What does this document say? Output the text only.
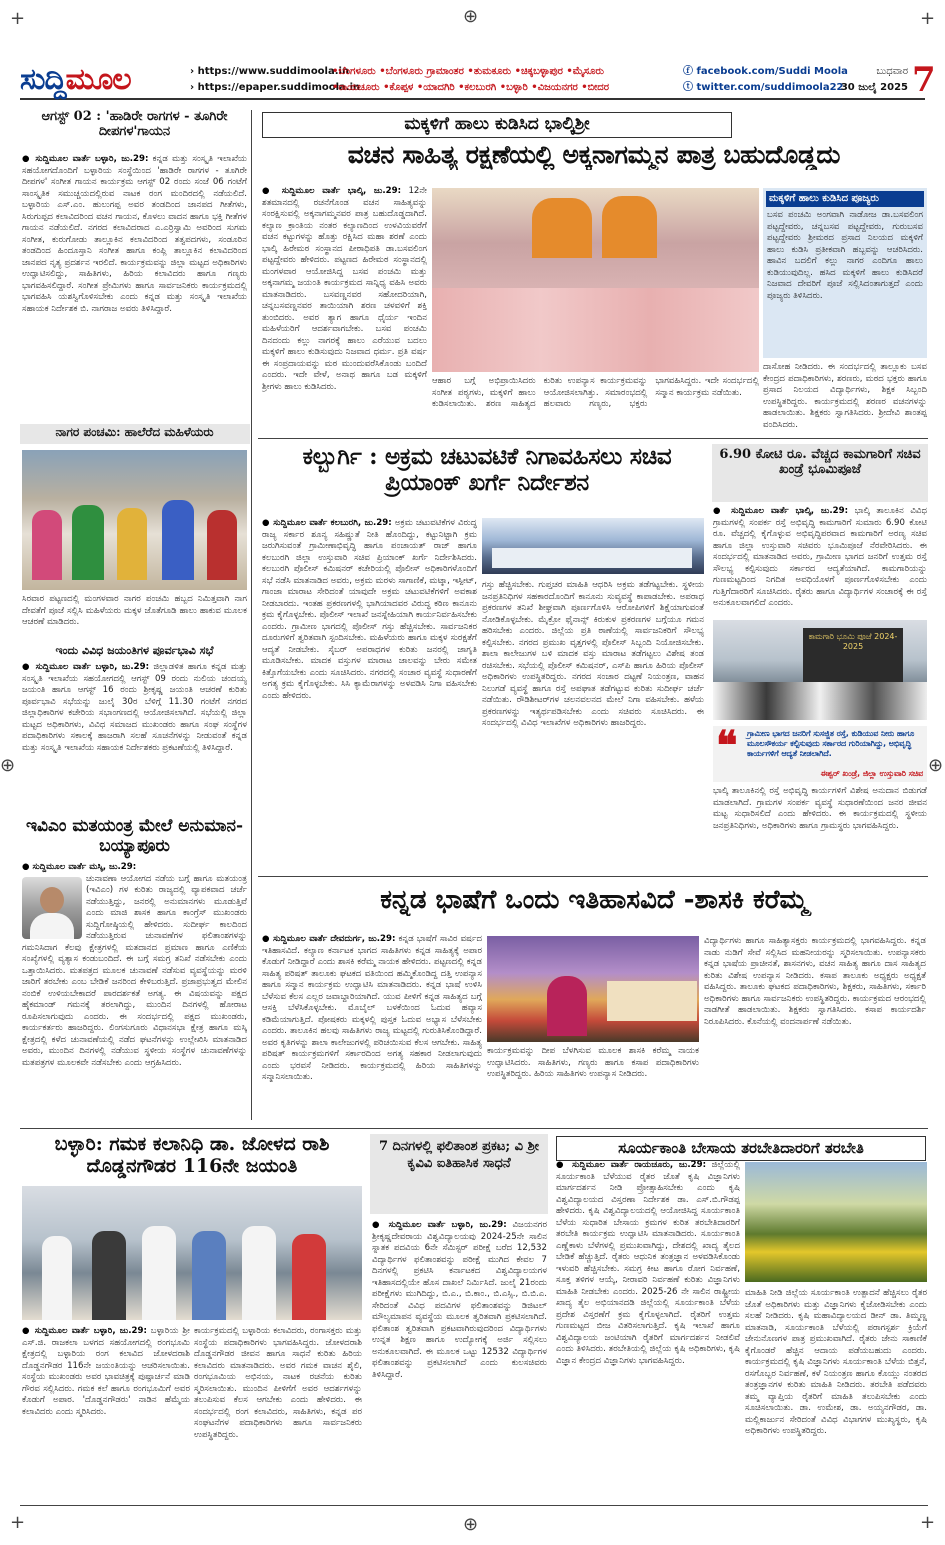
+	⊕	+
⊕	⊕
+	⊕	+
ಸುದ್ದಿಮೂಲ	› https://www.suddimoola.in
› https://epaper.suddimoola.in
•ಬೆಂಗಳೂರು •ಬೆಂಗಳೂರು ಗ್ರಾಮಾಂತರ •ತುಮಕೂರು •ಚಿಕ್ಕಬಳ್ಳಾಪುರ •ಮೈಸೂರು
•ರಾಯಚೂರು •ಕೊಪ್ಪಳ •ಯಾದಗಿರಿ •ಕಲಬುರಗಿ •ಬಳ್ಳಾರಿ •ವಿಜಯನಗರ •ಬೀದರ
ⓕ facebook.com/Suddi Moola
ⓣ twitter.com/suddimoola22
ಬುಧವಾರ
30 ಜುಲೈ 2025 7
ಆಗಸ್ಟ್ 02 : 'ಹಾಡಿರೇ ರಾಗಗಳ - ತೂಗಿರೇ ದೀಪಗಳ'ಗಾಯನ
● ಸುದ್ದಿಮೂಲ ವಾರ್ತೆ ಬಳ್ಳಾರಿ, ಜು.29: ಕನ್ನಡ ಮತ್ತು ಸಂಸ್ಕೃತಿ ಇಲಾಖೆಯ ಸಹಯೋಗದೊಂದಿಗೆ ಬಳ್ಳಾರಿಯ ಸಂಸ್ಥೆಯಿಂದ 'ಹಾಡಿರೇ ರಾಗಗಳ - ತೂಗಿರೇ ದೀಪಗಳ' ಸಂಗೀತ ಗಾಯನ ಕಾರ್ಯಕ್ರಮ ಆಗಸ್ಟ್ 02 ರಂದು ಸಂಜೆ 06 ಗಂಟೆಗೆ ಸಾಂಸ್ಕೃತಿಕ ಸಮುಚ್ಚಯದಲ್ಲಿರುವ ನಾಟಕ ರಂಗ ಮಂದಿರದಲ್ಲಿ ನಡೆಯಲಿದೆ. ಬಳ್ಳಾರಿಯ ಎಸ್.ಎಂ. ಹುಲುಗಪ್ಪ ಅವರ ತಂಡದಿಂದ ಜಾನಪದ ಗೀತೆಗಳು, ಸಿರುಗುಪ್ಪದ ಕಲಾವಿದರಿಂದ ವಚನ ಗಾಯನ, ಕೊಳಲು ವಾದನ ಹಾಗೂ ಭಕ್ತಿ ಗೀತೆಗಳ ಗಾಯನ ನಡೆಯಲಿದೆ. ನಗರದ ಕಲಾವಿದರಾದ ಎ.ಎರ್ರಿಸ್ವಾಮಿ ಅವರಿಂದ ಸುಗಮ ಸಂಗೀತ, ಕುರುಗೋಡು ತಾಲ್ಲೂಕಿನ ಕಲಾವಿದರಿಂದ ತತ್ವಪದಗಳು, ಸಂಡೂರಿನ ತಂಡದಿಂದ ಹಿಂದೂಸ್ತಾನಿ ಸಂಗೀತ ಹಾಗೂ ಕಂಪ್ಲಿ ತಾಲ್ಲೂಕಿನ ಕಲಾವಿದರಿಂದ ಜಾನಪದ ನೃತ್ಯ ಪ್ರದರ್ಶನ ಇರಲಿದೆ. ಕಾರ್ಯಕ್ರಮವನ್ನು ಜಿಲ್ಲಾ ಮಟ್ಟದ ಅಧಿಕಾರಿಗಳು ಉದ್ಘಾಟಿಸಲಿದ್ದು, ಸಾಹಿತಿಗಳು, ಹಿರಿಯ ಕಲಾವಿದರು ಹಾಗೂ ಗಣ್ಯರು ಭಾಗವಹಿಸಲಿದ್ದಾರೆ. ಸಂಗೀತ ಪ್ರೇಮಿಗಳು ಹಾಗೂ ಸಾರ್ವಜನಿಕರು ಕಾರ್ಯಕ್ರಮದಲ್ಲಿ ಭಾಗವಹಿಸಿ ಯಶಸ್ವಿಗೊಳಿಸಬೇಕು ಎಂದು ಕನ್ನಡ ಮತ್ತು ಸಂಸ್ಕೃತಿ ಇಲಾಖೆಯ ಸಹಾಯಕ ನಿರ್ದೇಶಕ ಬಿ. ನಾಗರಾಜ ಅವರು ತಿಳಿಸಿದ್ದಾರೆ.
ನಾಗರ ಪಂಚಮಿ: ಹಾಲೆರೆದ ಮಹಿಳೆಯರು
ಸಿರವಾರ ಪಟ್ಟಣದಲ್ಲಿ ಮಂಗಳವಾರ ನಾಗರ ಪಂಚಮಿ ಹಬ್ಬದ ನಿಮಿತ್ತವಾಗಿ ನಾಗ ದೇವತೆಗೆ ಪೂಜೆ ಸಲ್ಲಿಸಿ ಮಹಿಳೆಯರು ಮಕ್ಕಳ ಜೊತೆಗೂಡಿ ಹಾಲು ಹಾಕುವ ಮೂಲಕ ಆಚರಣೆ ಮಾಡಿದರು.
ಇಂದು ವಿವಿಧ ಜಯಂತಿಗಳ ಪೂರ್ವಭಾವಿ ಸಭೆ
● ಸುದ್ದಿಮೂಲ ವಾರ್ತೆ ಬಳ್ಳಾರಿ, ಜು.29: ಜಿಲ್ಲಾಡಳಿತ ಹಾಗೂ ಕನ್ನಡ ಮತ್ತು ಸಂಸ್ಕೃತಿ ಇಲಾಖೆಯ ಸಹಯೋಗದಲ್ಲಿ ಆಗಸ್ಟ್ 09 ರಂದು ನುಲಿಯ ಚಂದಯ್ಯ ಜಯಂತಿ ಹಾಗೂ ಆಗಸ್ಟ್ 16 ರಂದು ಶ್ರೀಕೃಷ್ಣ ಜಯಂತಿ ಆಚರಣೆ ಕುರಿತು ಪೂರ್ವಭಾವಿ ಸಭೆಯನ್ನು ಜುಲೈ 30ರ ಬೆಳಿಗ್ಗೆ 11.30 ಗಂಟೆಗೆ ನಗರದ ಜಿಲ್ಲಾಧಿಕಾರಿಗಳ ಕಚೇರಿಯ ಸಭಾಂಗಣದಲ್ಲಿ ಆಯೋಜಿಸಲಾಗಿದೆ. ಸಭೆಯಲ್ಲಿ ಜಿಲ್ಲಾ ಮಟ್ಟದ ಅಧಿಕಾರಿಗಳು, ವಿವಿಧ ಸಮಾಜದ ಮುಖಂಡರು ಹಾಗೂ ಸಂಘ ಸಂಸ್ಥೆಗಳ ಪದಾಧಿಕಾರಿಗಳು ಸಕಾಲಕ್ಕೆ ಹಾಜರಾಗಿ ಸಲಹೆ ಸೂಚನೆಗಳನ್ನು ನೀಡುವಂತೆ ಕನ್ನಡ ಮತ್ತು ಸಂಸ್ಕೃತಿ ಇಲಾಖೆಯ ಸಹಾಯಕ ನಿರ್ದೇಶಕರು ಪ್ರಕಟಣೆಯಲ್ಲಿ ತಿಳಿಸಿದ್ದಾರೆ.
ಇವಿಎಂ ಮತಯಂತ್ರ ಮೇಲೆ ಅನುಮಾನ- ಬಯ್ಯಾಪೂರು
● ಸುದ್ದಿಮೂಲ ವಾರ್ತೆ ಮಸ್ಕಿ, ಜು.29:

ಚುನಾವಣಾ ಆಯೋಗದ ನಡೆಯ ಬಗ್ಗೆ ಹಾಗೂ ಮತಯಂತ್ರ (ಇವಿಎಂ) ಗಳ ಕುರಿತು ರಾಜ್ಯದಲ್ಲಿ ವ್ಯಾಪಕವಾದ ಚರ್ಚೆ ನಡೆಯುತ್ತಿದ್ದು, ಜನರಲ್ಲಿ ಅನುಮಾನಗಳು ಮೂಡುತ್ತಿವೆ ಎಂದು ಮಾಜಿ ಶಾಸಕ ಹಾಗೂ ಕಾಂಗ್ರೆಸ್ ಮುಖಂಡರು ಸುದ್ದಿಗೋಷ್ಠಿಯಲ್ಲಿ ಹೇಳಿದರು. ಸುದೀರ್ಘ ಕಾಲದಿಂದ ನಡೆಯುತ್ತಿರುವ ಚುನಾವಣೆಗಳ ಫಲಿತಾಂಶಗಳನ್ನು ಗಮನಿಸಿದಾಗ ಕೆಲವು ಕ್ಷೇತ್ರಗಳಲ್ಲಿ ಮತದಾನದ ಪ್ರಮಾಣ ಹಾಗೂ ಎಣಿಕೆಯ ಸಂಖ್ಯೆಗಳಲ್ಲಿ ವ್ಯತ್ಯಾಸ ಕಂಡುಬಂದಿದೆ. ಈ ಬಗ್ಗೆ ಸಮಗ್ರ ತನಿಖೆ ನಡೆಸಬೇಕು ಎಂದು ಒತ್ತಾಯಿಸಿದರು. ಮತಪತ್ರದ ಮೂಲಕ ಚುನಾವಣೆ ನಡೆಸುವ ವ್ಯವಸ್ಥೆಯನ್ನು ಮರಳಿ ಜಾರಿಗೆ ತರಬೇಕು ಎಂಬ ಬೇಡಿಕೆ ಜನರಿಂದ ಕೇಳಿಬರುತ್ತಿದೆ. ಪ್ರಜಾಪ್ರಭುತ್ವದ ಮೇಲಿನ ನಂಬಿಕೆ ಉಳಿಯಬೇಕಾದರೆ ಪಾರದರ್ಶಕತೆ ಅಗತ್ಯ. ಈ ವಿಷಯವನ್ನು ಪಕ್ಷದ ಹೈಕಮಾಂಡ್ ಗಮನಕ್ಕೆ ತರಲಾಗಿದ್ದು, ಮುಂದಿನ ದಿನಗಳಲ್ಲಿ ಹೋರಾಟ ರೂಪಿಸಲಾಗುವುದು ಎಂದರು. ಈ ಸಂದರ್ಭದಲ್ಲಿ ಪಕ್ಷದ ಮುಖಂಡರು, ಕಾರ್ಯಕರ್ತರು ಹಾಜರಿದ್ದರು. ಲಿಂಗಸುಗೂರು ವಿಧಾನಸಭಾ ಕ್ಷೇತ್ರ ಹಾಗೂ ಮಸ್ಕಿ ಕ್ಷೇತ್ರದಲ್ಲಿ ಕಳೆದ ಚುನಾವಣೆಯಲ್ಲಿ ನಡೆದ ಘಟನೆಗಳನ್ನು ಉಲ್ಲೇಖಿಸಿ ಮಾತನಾಡಿದ ಅವರು, ಮುಂದಿನ ದಿನಗಳಲ್ಲಿ ನಡೆಯುವ ಸ್ಥಳೀಯ ಸಂಸ್ಥೆಗಳ ಚುನಾವಣೆಗಳನ್ನು ಮತಪತ್ರಗಳ ಮೂಲಕವೇ ನಡೆಸಬೇಕು ಎಂದು ಆಗ್ರಹಿಸಿದರು.
ಮಕ್ಕಳಿಗೆ ಹಾಲು ಕುಡಿಸಿದ ಭಾಲ್ಕಿಶ್ರೀ
ವಚನ ಸಾಹಿತ್ಯ ರಕ್ಷಣೆಯಲ್ಲಿ ಅಕ್ಕನಾಗಮ್ಮನ ಪಾತ್ರ ಬಹುದೊಡ್ಡದು
● ಸುದ್ದಿಮೂಲ ವಾರ್ತೆ ಭಾಲ್ಕಿ, ಜು.29: 12ನೇ ಶತಮಾನದಲ್ಲಿ ರಚನೆಗೊಂಡ ವಚನ ಸಾಹಿತ್ಯವನ್ನು ಸಂರಕ್ಷಿಸುವಲ್ಲಿ ಅಕ್ಕನಾಗಮ್ಮನವರ ಪಾತ್ರ ಬಹುದೊಡ್ಡದಾಗಿದೆ. ಕಲ್ಯಾಣ ಕ್ರಾಂತಿಯ ನಂತರ ಕಲ್ಯಾಣದಿಂದ ಉಳವಿಯವರೆಗೆ ವಚನ ಕಟ್ಟುಗಳನ್ನು ಹೊತ್ತು ರಕ್ಷಿಸಿದ ಮಹಾ ಶರಣೆ ಎಂದು ಭಾಲ್ಕಿ ಹಿರೇಮಠ ಸಂಸ್ಥಾನದ ಪೀಠಾಧಿಪತಿ ಡಾ.ಬಸವಲಿಂಗ ಪಟ್ಟದ್ದೇವರು ಹೇಳಿದರು. ಪಟ್ಟಣದ ಹಿರೇಮಠ ಸಂಸ್ಥಾನದಲ್ಲಿ ಮಂಗಳವಾರ ಆಯೋಜಿಸಿದ್ದ ಬಸವ ಪಂಚಮಿ ಮತ್ತು ಅಕ್ಕನಾಗಮ್ಮ ಜಯಂತಿ ಕಾರ್ಯಕ್ರಮದ ಸಾನ್ನಿಧ್ಯ ವಹಿಸಿ ಅವರು ಮಾತನಾಡಿದರು. ಬಸವಣ್ಣನವರ ಸಹೋದರಿಯಾಗಿ, ಚನ್ನಬಸವಣ್ಣನವರ ತಾಯಿಯಾಗಿ ಶರಣ ಚಳವಳಿಗೆ ಶಕ್ತಿ ತುಂಬಿದರು. ಅವರ ತ್ಯಾಗ ಹಾಗೂ ಧೈರ್ಯ ಇಂದಿನ ಮಹಿಳೆಯರಿಗೆ ಆದರ್ಶವಾಗಬೇಕು. ಬಸವ ಪಂಚಮಿ ದಿನದಂದು ಕಲ್ಲು ನಾಗರಕ್ಕೆ ಹಾಲು ಎರೆಯುವ ಬದಲು ಮಕ್ಕಳಿಗೆ ಹಾಲು ಕುಡಿಸುವುದು ನಿಜವಾದ ಧರ್ಮ. ಪ್ರತಿ ವರ್ಷ ಈ ಸಂಪ್ರದಾಯವನ್ನು ಮಠ ಮುಂದುವರೆಸಿಕೊಂಡು ಬಂದಿದೆ ಎಂದರು. ಇದೇ ವೇಳೆ, ಅನಾಥ ಹಾಗೂ ಬಡ ಮಕ್ಕಳಿಗೆ ಶ್ರೀಗಳು ಹಾಲು ಕುಡಿಸಿದರು.
ಆಹಾರ ಬಗ್ಗೆ ಅಭಿಪ್ರಾಯಿಸಿದರು ಸಂಗೀತ ಪಠ್ಯಗಳು, ಮಕ್ಕಳಿಗೆ ಹಾಲು ಕುಡಿಸಲಾಯಿತು. ಶರಣ ಸಾಹಿತ್ಯದ ಕುರಿತು ಉಪನ್ಯಾಸ ಕಾರ್ಯಕ್ರಮವನ್ನು ಆಯೋಜಿಸಲಾಗಿತ್ತು. ಸಮಾರಂಭದಲ್ಲಿ ಹಲವಾರು ಗಣ್ಯರು, ಭಕ್ತರು ಭಾಗವಹಿಸಿದ್ದರು. ಇದೇ ಸಂದರ್ಭದಲ್ಲಿ ಸನ್ಮಾನ ಕಾರ್ಯಕ್ರಮ ನಡೆಯಿತು.
ಮಕ್ಕಳಿಗೆ ಹಾಲು ಕುಡಿಸಿದ ಪೂಜ್ಯರು
ಬಸವ ಪಂಚಮಿ ಅಂಗವಾಗಿ ನಾಡೋಜ ಡಾ.ಬಸವಲಿಂಗ ಪಟ್ಟದ್ದೇವರು, ಚನ್ನಬಸವ ಪಟ್ಟದ್ದೇವರು, ಗುರುಬಸವ ಪಟ್ಟದ್ದೇವರು ಶ್ರೀಮಠದ ಪ್ರಸಾದ ನಿಲಯದ ಮಕ್ಕಳಿಗೆ ಹಾಲು ಕುಡಿಸಿ ಪ್ರತೀಕವಾಗಿ ಹಬ್ಬವನ್ನು ಆಚರಿಸಿದರು. ಹಾವಿನ ಬದಲಿಗೆ ಕಲ್ಲು ನಾಗರ ಎಂದಿಗೂ ಹಾಲು ಕುಡಿಯುವುದಿಲ್ಲ. ಹಸಿದ ಮಕ್ಕಳಿಗೆ ಹಾಲು ಕುಡಿಸಿದರೆ ನಿಜವಾದ ದೇವರಿಗೆ ಪೂಜೆ ಸಲ್ಲಿಸಿದಂತಾಗುತ್ತದೆ ಎಂದು ಪೂಜ್ಯರು ತಿಳಿಸಿದರು.
ದಾಸೋಹ ನೀಡಿದರು. ಈ ಸಂದರ್ಭದಲ್ಲಿ ತಾಲ್ಲೂಕು ಬಸವ ಕೇಂದ್ರದ ಪದಾಧಿಕಾರಿಗಳು, ಶರಣರು, ಮಠದ ಭಕ್ತರು ಹಾಗೂ ಪ್ರಸಾದ ನಿಲಯದ ವಿದ್ಯಾರ್ಥಿಗಳು, ಶಿಕ್ಷಕ ಸಿಬ್ಬಂದಿ ಉಪಸ್ಥಿತರಿದ್ದರು. ಕಾರ್ಯಕ್ರಮದಲ್ಲಿ ಶರಣರ ವಚನಗಳನ್ನು ಹಾಡಲಾಯಿತು. ಶಿಕ್ಷಕರು ಸ್ವಾಗತಿಸಿದರು. ಶ್ರೀದೇವಿ ಶಾಂತಪ್ಪ ವಂದಿಸಿದರು.
ಕಲ್ಬುರ್ಗಿ : ಅಕ್ರಮ ಚಟುವಟಿಕೆ ನಿಗಾವಹಿಸಲು ಸಚಿವ ಪ್ರಿಯಾಂಕ್ ಖರ್ಗೆ ನಿರ್ದೇಶನ
● ಸುದ್ದಿಮೂಲ ವಾರ್ತೆ ಕಲಬುರಗಿ, ಜು.29: ಅಕ್ರಮ ಚಟುವಟಿಕೆಗಳ ವಿರುದ್ಧ ರಾಜ್ಯ ಸರ್ಕಾರ ಶೂನ್ಯ ಸಹಿಷ್ಣುತೆ ನೀತಿ ಹೊಂದಿದ್ದು, ಕಟ್ಟುನಿಟ್ಟಾಗಿ ಕ್ರಮ ಜರುಗಿಸುವಂತೆ ಗ್ರಾಮೀಣಾಭಿವೃದ್ಧಿ ಹಾಗೂ ಪಂಚಾಯತ್ ರಾಜ್ ಹಾಗೂ ಕಲಬುರಗಿ ಜಿಲ್ಲಾ ಉಸ್ತುವಾರಿ ಸಚಿವ ಪ್ರಿಯಾಂಕ್ ಖರ್ಗೆ ನಿರ್ದೇಶಿಸಿದರು. ಕಲಬುರಗಿ ಪೊಲೀಸ್ ಕಮಿಷನರ್ ಕಚೇರಿಯಲ್ಲಿ ಪೊಲೀಸ್ ಅಧಿಕಾರಿಗಳೊಂದಿಗೆ ಸಭೆ ನಡೆಸಿ ಮಾತನಾಡಿದ ಅವರು, ಅಕ್ರಮ ಮರಳು ಸಾಗಾಣಿಕೆ, ಮಟ್ಕಾ, ಇಸ್ಪೀಟ್, ಗಾಂಜಾ ಮಾರಾಟ ಸೇರಿದಂತೆ ಯಾವುದೇ ಅಕ್ರಮ ಚಟುವಟಿಕೆಗಳಿಗೆ ಅವಕಾಶ ನೀಡಬಾರದು. ಇಂತಹ ಪ್ರಕರಣಗಳಲ್ಲಿ ಭಾಗಿಯಾದವರ ವಿರುದ್ಧ ಕಠಿಣ ಕಾನೂನು ಕ್ರಮ ಕೈಗೊಳ್ಳಬೇಕು. ಪೊಲೀಸ್ ಇಲಾಖೆ ಜನಸ್ನೇಹಿಯಾಗಿ ಕಾರ್ಯನಿರ್ವಹಿಸಬೇಕು ಎಂದರು. ಗ್ರಾಮೀಣ ಭಾಗದಲ್ಲಿ ಪೊಲೀಸ್ ಗಸ್ತು ಹೆಚ್ಚಿಸಬೇಕು. ಸಾರ್ವಜನಿಕರ ದೂರುಗಳಿಗೆ ತ್ವರಿತವಾಗಿ ಸ್ಪಂದಿಸಬೇಕು. ಮಹಿಳೆಯರು ಹಾಗೂ ಮಕ್ಕಳ ಸುರಕ್ಷತೆಗೆ ಆದ್ಯತೆ ನೀಡಬೇಕು. ಸೈಬರ್ ಅಪರಾಧಗಳ ಕುರಿತು ಜನರಲ್ಲಿ ಜಾಗೃತಿ ಮೂಡಿಸಬೇಕು. ಮಾದಕ ವಸ್ತುಗಳ ಮಾರಾಟ ಜಾಲವನ್ನು ಬೇರು ಸಮೇತ ಕಿತ್ತೊಗೆಯಬೇಕು ಎಂದು ಸೂಚಿಸಿದರು. ನಗರದಲ್ಲಿ ಸಂಚಾರ ವ್ಯವಸ್ಥೆ ಸುಧಾರಣೆಗೆ ಅಗತ್ಯ ಕ್ರಮ ಕೈಗೊಳ್ಳಬೇಕು. ಸಿಸಿ ಕ್ಯಾಮೆರಾಗಳನ್ನು ಅಳವಡಿಸಿ ನಿಗಾ ವಹಿಸಬೇಕು ಎಂದು ಹೇಳಿದರು.
ಗಸ್ತು ಹೆಚ್ಚಿಸಬೇಕು. ಗುಪ್ತಚರ ಮಾಹಿತಿ ಆಧರಿಸಿ ಅಕ್ರಮ ತಡೆಗಟ್ಟಬೇಕು. ಸ್ಥಳೀಯ ಜನಪ್ರತಿನಿಧಿಗಳ ಸಹಕಾರದೊಂದಿಗೆ ಕಾನೂನು ಸುವ್ಯವಸ್ಥೆ ಕಾಪಾಡಬೇಕು. ಅಪರಾಧ ಪ್ರಕರಣಗಳ ತನಿಖೆ ಶೀಘ್ರವಾಗಿ ಪೂರ್ಣಗೊಳಿಸಿ ಆರೋಪಿಗಳಿಗೆ ಶಿಕ್ಷೆಯಾಗುವಂತೆ ನೋಡಿಕೊಳ್ಳಬೇಕು. ಮೈಕ್ರೋ ಫೈನಾನ್ಸ್ ಕಿರುಕುಳ ಪ್ರಕರಣಗಳ ಬಗ್ಗೆಯೂ ಗಮನ ಹರಿಸಬೇಕು ಎಂದರು. ಜಿಲ್ಲೆಯ ಪ್ರತಿ ಠಾಣೆಯಲ್ಲಿ ಸಾರ್ವಜನಿಕರಿಗೆ ಸೌಲಭ್ಯ ಕಲ್ಪಿಸಬೇಕು. ನಗರದ ಪ್ರಮುಖ ವೃತ್ತಗಳಲ್ಲಿ ಪೊಲೀಸ್ ಸಿಬ್ಬಂದಿ ನಿಯೋಜಿಸಬೇಕು. ಶಾಲಾ ಕಾಲೇಜುಗಳ ಬಳಿ ಮಾದಕ ವಸ್ತು ಮಾರಾಟ ತಡೆಗಟ್ಟಲು ವಿಶೇಷ ತಂಡ ರಚಿಸಬೇಕು. ಸಭೆಯಲ್ಲಿ ಪೊಲೀಸ್ ಕಮಿಷನರ್, ಎಸ್‌ಪಿ ಹಾಗೂ ಹಿರಿಯ ಪೊಲೀಸ್ ಅಧಿಕಾರಿಗಳು ಉಪಸ್ಥಿತರಿದ್ದರು. ನಗರದ ಸಂಚಾರ ದಟ್ಟಣೆ ನಿಯಂತ್ರಣ, ವಾಹನ ನಿಲುಗಡೆ ವ್ಯವಸ್ಥೆ ಹಾಗೂ ರಸ್ತೆ ಅಪಘಾತ ತಡೆಗಟ್ಟುವ ಕುರಿತು ಸುದೀರ್ಘ ಚರ್ಚೆ ನಡೆಯಿತು. ರೌಡಿಶೀಟರ್‌ಗಳ ಚಲನವಲನದ ಮೇಲೆ ನಿಗಾ ವಹಿಸಬೇಕು. ಹಳೆಯ ಪ್ರಕರಣಗಳನ್ನು ಇತ್ಯರ್ಥಪಡಿಸಬೇಕು ಎಂದು ಸಚಿವರು ಸೂಚಿಸಿದರು. ಈ ಸಂದರ್ಭದಲ್ಲಿ ವಿವಿಧ ಇಲಾಖೆಗಳ ಅಧಿಕಾರಿಗಳು ಹಾಜರಿದ್ದರು.
6.90 ಕೋಟಿ ರೂ. ವೆಚ್ಚದ ಕಾಮಗಾರಿಗೆ ಸಚಿವ ಖಂಡ್ರೆ ಭೂಮಿಪೂಜೆ
● ಸುದ್ದಿಮೂಲ ವಾರ್ತೆ ಭಾಲ್ಕಿ, ಜು.29: ಭಾಲ್ಕಿ ತಾಲೂಕಿನ ವಿವಿಧ ಗ್ರಾಮಗಳಲ್ಲಿ ಸಂಪರ್ಕ ರಸ್ತೆ ಅಭಿವೃದ್ಧಿ ಕಾಮಗಾರಿಗೆ ಸುಮಾರು 6.90 ಕೋಟಿ ರೂ. ವೆಚ್ಚದಲ್ಲಿ ಕೈಗೊಳ್ಳುವ ಅಭಿವೃದ್ಧಿಪರವಾದ ಕಾಮಗಾರಿಗೆ ಅರಣ್ಯ ಸಚಿವ ಹಾಗೂ ಜಿಲ್ಲಾ ಉಸ್ತುವಾರಿ ಸಚಿವರು ಭೂಮಿಪೂಜೆ ನೆರವೇರಿಸಿದರು. ಈ ಸಂದರ್ಭದಲ್ಲಿ ಮಾತನಾಡಿದ ಅವರು, ಗ್ರಾಮೀಣ ಭಾಗದ ಜನರಿಗೆ ಉತ್ತಮ ರಸ್ತೆ ಸೌಲಭ್ಯ ಕಲ್ಪಿಸುವುದು ಸರ್ಕಾರದ ಆದ್ಯತೆಯಾಗಿದೆ. ಕಾಮಗಾರಿಯನ್ನು ಗುಣಮಟ್ಟದಿಂದ ನಿಗದಿತ ಅವಧಿಯೊಳಗೆ ಪೂರ್ಣಗೊಳಿಸಬೇಕು ಎಂದು ಗುತ್ತಿಗೆದಾರರಿಗೆ ಸೂಚಿಸಿದರು. ರೈತರು ಹಾಗೂ ವಿದ್ಯಾರ್ಥಿಗಳ ಸಂಚಾರಕ್ಕೆ ಈ ರಸ್ತೆ ಅನುಕೂಲವಾಗಲಿದೆ ಎಂದರು.
ಕಾಮಗಾರಿ ಭೂಮಿ ಪೂಜೆ 2024-2025
❝ ಗ್ರಾಮೀಣ ಭಾಗದ ಜನರಿಗೆ ಸುಸಜ್ಜಿತ ರಸ್ತೆ, ಕುಡಿಯುವ ನೀರು ಹಾಗೂ ಮೂಲಸೌಕರ್ಯ ಕಲ್ಪಿಸುವುದು ಸರ್ಕಾರದ ಗುರಿಯಾಗಿದ್ದು, ಅಭಿವೃದ್ಧಿ ಕಾರ್ಯಗಳಿಗೆ ಆದ್ಯತೆ ನೀಡಲಾಗಿದೆ.
ಈಶ್ವರ್ ಖಂಡ್ರೆ, ಜಿಲ್ಲಾ ಉಸ್ತುವಾರಿ ಸಚಿವ
ಭಾಲ್ಕಿ ತಾಲೂಕಿನಲ್ಲಿ ರಸ್ತೆ ಅಭಿವೃದ್ಧಿ ಕಾರ್ಯಗಳಿಗೆ ವಿಶೇಷ ಅನುದಾನ ಬಿಡುಗಡೆ ಮಾಡಲಾಗಿದೆ. ಗ್ರಾಮಗಳ ಸಂಪರ್ಕ ವ್ಯವಸ್ಥೆ ಸುಧಾರಣೆಯಿಂದ ಜನರ ಜೀವನ ಮಟ್ಟ ಸುಧಾರಿಸಲಿದೆ ಎಂದು ಹೇಳಿದರು. ಈ ಕಾರ್ಯಕ್ರಮದಲ್ಲಿ ಸ್ಥಳೀಯ ಜನಪ್ರತಿನಿಧಿಗಳು, ಅಧಿಕಾರಿಗಳು ಹಾಗೂ ಗ್ರಾಮಸ್ಥರು ಭಾಗವಹಿಸಿದ್ದರು.
ಕನ್ನಡ ಭಾಷೆಗೆ ಒಂದು ಇತಿಹಾಸವಿದೆ -ಶಾಸಕಿ ಕರೆಮ್ಮ
● ಸುದ್ದಿಮೂಲ ವಾರ್ತೆ ದೇವದುರ್ಗ, ಜು.29: ಕನ್ನಡ ಭಾಷೆಗೆ ಸಾವಿರ ವರ್ಷದ ಇತಿಹಾಸವಿದೆ. ಕಲ್ಯಾಣ ಕರ್ನಾಟಕ ಭಾಗದ ಸಾಹಿತಿಗಳು ಕನ್ನಡ ಸಾಹಿತ್ಯಕ್ಕೆ ಅಪಾರ ಕೊಡುಗೆ ನೀಡಿದ್ದಾರೆ ಎಂದು ಶಾಸಕಿ ಕರೆಮ್ಮ ನಾಯಕ ಹೇಳಿದರು. ಪಟ್ಟಣದಲ್ಲಿ ಕನ್ನಡ ಸಾಹಿತ್ಯ ಪರಿಷತ್ ತಾಲೂಕು ಘಟಕದ ವತಿಯಿಂದ ಹಮ್ಮಿಕೊಂಡಿದ್ದ ದತ್ತಿ ಉಪನ್ಯಾಸ ಹಾಗೂ ಸನ್ಮಾನ ಕಾರ್ಯಕ್ರಮ ಉದ್ಘಾಟಿಸಿ ಮಾತನಾಡಿದರು. ಕನ್ನಡ ಭಾಷೆ ಉಳಿಸಿ ಬೆಳೆಸುವ ಕೆಲಸ ಎಲ್ಲರ ಜವಾಬ್ದಾರಿಯಾಗಿದೆ. ಯುವ ಪೀಳಿಗೆ ಕನ್ನಡ ಸಾಹಿತ್ಯದ ಬಗ್ಗೆ ಆಸಕ್ತಿ ಬೆಳೆಸಿಕೊಳ್ಳಬೇಕು. ಮೊಬೈಲ್ ಬಳಕೆಯಿಂದ ಓದುವ ಹವ್ಯಾಸ ಕಡಿಮೆಯಾಗುತ್ತಿದೆ. ಪೋಷಕರು ಮಕ್ಕಳಲ್ಲಿ ಪುಸ್ತಕ ಓದುವ ಅಭ್ಯಾಸ ಬೆಳೆಸಬೇಕು ಎಂದರು. ತಾಲೂಕಿನ ಹಲವು ಸಾಹಿತಿಗಳು ರಾಜ್ಯ ಮಟ್ಟದಲ್ಲಿ ಗುರುತಿಸಿಕೊಂಡಿದ್ದಾರೆ. ಅವರ ಕೃತಿಗಳನ್ನು ಶಾಲಾ ಕಾಲೇಜುಗಳಲ್ಲಿ ಪರಿಚಯಿಸುವ ಕೆಲಸ ಆಗಬೇಕು. ಸಾಹಿತ್ಯ ಪರಿಷತ್ ಕಾರ್ಯಕ್ರಮಗಳಿಗೆ ಸರ್ಕಾರದಿಂದ ಅಗತ್ಯ ಸಹಕಾರ ನೀಡಲಾಗುವುದು ಎಂದು ಭರವಸೆ ನೀಡಿದರು. ಕಾರ್ಯಕ್ರಮದಲ್ಲಿ ಹಿರಿಯ ಸಾಹಿತಿಗಳನ್ನು ಸನ್ಮಾನಿಸಲಾಯಿತು.
ಕಾರ್ಯಕ್ರಮವನ್ನು ದೀಪ ಬೆಳಗಿಸುವ ಮೂಲಕ ಶಾಸಕಿ ಕರೆಮ್ಮ ನಾಯಕ ಉದ್ಘಾಟಿಸಿದರು. ಸಾಹಿತಿಗಳು, ಗಣ್ಯರು ಹಾಗೂ ಕಸಾಪ ಪದಾಧಿಕಾರಿಗಳು ಉಪಸ್ಥಿತರಿದ್ದರು. ಹಿರಿಯ ಸಾಹಿತಿಗಳು ಉಪನ್ಯಾಸ ನೀಡಿದರು.
ವಿದ್ಯಾರ್ಥಿಗಳು ಹಾಗೂ ಸಾಹಿತ್ಯಾಸಕ್ತರು ಕಾರ್ಯಕ್ರಮದಲ್ಲಿ ಭಾಗವಹಿಸಿದ್ದರು. ಕನ್ನಡ ನಾಡು ನುಡಿಗೆ ಸೇವೆ ಸಲ್ಲಿಸಿದ ಮಹನೀಯರನ್ನು ಸ್ಮರಿಸಲಾಯಿತು. ಉಪನ್ಯಾಸಕರು ಕನ್ನಡ ಭಾಷೆಯ ಪ್ರಾಚೀನತೆ, ಶಾಸನಗಳು, ವಚನ ಸಾಹಿತ್ಯ ಹಾಗೂ ದಾಸ ಸಾಹಿತ್ಯದ ಕುರಿತು ವಿಶೇಷ ಉಪನ್ಯಾಸ ನೀಡಿದರು. ಕಸಾಪ ತಾಲೂಕು ಅಧ್ಯಕ್ಷರು ಅಧ್ಯಕ್ಷತೆ ವಹಿಸಿದ್ದರು. ತಾಲೂಕು ಘಟಕದ ಪದಾಧಿಕಾರಿಗಳು, ಶಿಕ್ಷಕರು, ಸಾಹಿತಿಗಳು, ಸರ್ಕಾರಿ ಅಧಿಕಾರಿಗಳು ಹಾಗೂ ಸಾರ್ವಜನಿಕರು ಉಪಸ್ಥಿತರಿದ್ದರು. ಕಾರ್ಯಕ್ರಮದ ಆರಂಭದಲ್ಲಿ ನಾಡಗೀತೆ ಹಾಡಲಾಯಿತು. ಶಿಕ್ಷಕರು ಸ್ವಾಗತಿಸಿದರು. ಕಸಾಪ ಕಾರ್ಯದರ್ಶಿ ನಿರೂಪಿಸಿದರು. ಕೊನೆಯಲ್ಲಿ ವಂದನಾರ್ಪಣೆ ನಡೆಯಿತು.
ಬಳ್ಳಾರಿ: ಗಮಕ ಕಲಾನಿಧಿ ಡಾ. ಜೋಳದ ರಾಶಿ ದೊಡ್ಡನಗೌಡರ 116ನೇ ಜಯಂತಿ
● ಸುದ್ದಿಮೂಲ ವಾರ್ತೆ ಬಳ್ಳಾರಿ, ಜು.29: ಬಳ್ಳಾರಿಯ ಶ್ರೀ ಎಸ್.ಜಿ. ರಾಜಕಲಾ ಬಳಗದ ಸಹಯೋಗದಲ್ಲಿ ರಂಗಭೂಮಿ ಕ್ಷೇತ್ರದಲ್ಲಿ ಬಳ್ಳಾರಿಯ ರಂಗ ಕಲಾವಿದ ಜೋಳದರಾಶಿ ದೊಡ್ಡನಗೌಡರ 116ನೇ ಜಯಂತಿಯನ್ನು ಆಚರಿಸಲಾಯಿತು. ಸಂಸ್ಥೆಯ ಮುಖಂಡರು ಅವರ ಭಾವಚಿತ್ರಕ್ಕೆ ಪುಷ್ಪಾರ್ಚನೆ ಮಾಡಿ ಗೌರವ ಸಲ್ಲಿಸಿದರು. ಗಮಕ ಕಲೆ ಹಾಗೂ ರಂಗಭೂಮಿಗೆ ಅವರ ಕೊಡುಗೆ ಅಪಾರ. 'ದೊಡ್ಡನಗೌಡರು' ನಾಡಿನ ಹೆಮ್ಮೆಯ ಕಲಾವಿದರು ಎಂದು ಸ್ಮರಿಸಿದರು.
ಕಾರ್ಯಕ್ರಮದಲ್ಲಿ ಬಳ್ಳಾರಿಯ ಕಲಾವಿದರು, ರಂಗಾಸಕ್ತರು ಮತ್ತು ಸಂಸ್ಥೆಯ ಪದಾಧಿಕಾರಿಗಳು ಭಾಗವಹಿಸಿದ್ದರು. ಜೋಳದರಾಶಿ ದೊಡ್ಡನಗೌಡರ ಜೀವನ ಹಾಗೂ ಸಾಧನೆ ಕುರಿತು ಹಿರಿಯ ಕಲಾವಿದರು ಮಾತನಾಡಿದರು. ಅವರ ಗಮಕ ವಾಚನ ಶೈಲಿ, ರಂಗಭೂಮಿಯ ಅಭಿನಯ, ನಾಟಕ ರಚನೆಯ ಕುರಿತು ಸ್ಮರಿಸಲಾಯಿತು. ಮುಂದಿನ ಪೀಳಿಗೆಗೆ ಅವರ ಆದರ್ಶಗಳನ್ನು ತಲುಪಿಸುವ ಕೆಲಸ ಆಗಬೇಕು ಎಂದು ಹೇಳಿದರು. ಈ ಸಂದರ್ಭದಲ್ಲಿ ರಂಗ ಕಲಾವಿದರು, ಸಾಹಿತಿಗಳು, ಕನ್ನಡ ಪರ ಸಂಘಟನೆಗಳ ಪದಾಧಿಕಾರಿಗಳು ಹಾಗೂ ಸಾರ್ವಜನಿಕರು ಉಪಸ್ಥಿತರಿದ್ದರು.
7 ದಿನಗಳಲ್ಲಿ ಫಲಿತಾಂಶ ಪ್ರಕಟ; ವಿ ಶ್ರೀ ಕೃವಿವಿ ಐತಿಹಾಸಿಕ ಸಾಧನೆ
● ಸುದ್ದಿಮೂಲ ವಾರ್ತೆ ಬಳ್ಳಾರಿ, ಜು.29: ವಿಜಯನಗರ ಶ್ರೀಕೃಷ್ಣದೇವರಾಯ ವಿಶ್ವವಿದ್ಯಾಲಯವು 2024-25ನೇ ಸಾಲಿನ ಸ್ನಾತಕ ಪದವಿಯ 6ನೇ ಸೆಮಿಸ್ಟರ್ ಪರೀಕ್ಷೆ ಬರೆದ 12,532 ವಿದ್ಯಾರ್ಥಿಗಳ ಫಲಿತಾಂಶವನ್ನು ಪರೀಕ್ಷೆ ಮುಗಿದ ಕೇವಲ 7 ದಿನಗಳಲ್ಲಿ ಪ್ರಕಟಿಸಿ ಕರ್ನಾಟಕದ ವಿಶ್ವವಿದ್ಯಾಲಯಗಳ ಇತಿಹಾಸದಲ್ಲಿಯೇ ಹೊಸ ದಾಖಲೆ ನಿರ್ಮಿಸಿದೆ. ಜುಲೈ 21ರಂದು ಪರೀಕ್ಷೆಗಳು ಮುಗಿದಿದ್ದು, ಬಿ.ಎ., ಬಿ.ಕಾಂ., ಬಿ.ಎಸ್ಸಿ., ಬಿ.ಬಿ.ಎ. ಸೇರಿದಂತೆ ವಿವಿಧ ಪದವಿಗಳ ಫಲಿತಾಂಶವನ್ನು ಡಿಜಿಟಲ್ ಮೌಲ್ಯಮಾಪನ ವ್ಯವಸ್ಥೆಯ ಮೂಲಕ ತ್ವರಿತವಾಗಿ ಪ್ರಕಟಿಸಲಾಗಿದೆ. ಫಲಿತಾಂಶ ತ್ವರಿತವಾಗಿ ಪ್ರಕಟವಾಗಿರುವುದರಿಂದ ವಿದ್ಯಾರ್ಥಿಗಳು ಉನ್ನತ ಶಿಕ್ಷಣ ಹಾಗೂ ಉದ್ಯೋಗಕ್ಕೆ ಅರ್ಜಿ ಸಲ್ಲಿಸಲು ಅನುಕೂಲವಾಗಿದೆ. ಈ ಮೂಲಕ ಒಟ್ಟು 12532 ವಿದ್ಯಾರ್ಥಿಗಳ ಫಲಿತಾಂಶವನ್ನು ಪ್ರಕಟಿಸಲಾಗಿದೆ ಎಂದು ಕುಲಸಚಿವರು ತಿಳಿಸಿದ್ದಾರೆ.
ಸೂರ್ಯಕಾಂತಿ ಬೇಸಾಯ ತರಬೇತಿದಾರರಿಗೆ ತರಬೇತಿ
● ಸುದ್ದಿಮೂಲ ವಾರ್ತೆ ರಾಯಚೂರು, ಜು.29: ಜಿಲ್ಲೆಯಲ್ಲಿ ಸೂರ್ಯಕಾಂತಿ ಬೆಳೆಯುವ ರೈತರ ಜೊತೆ ಕೃಷಿ ವಿಜ್ಞಾನಿಗಳು ಮಾರ್ಗದರ್ಶನ ನೀಡಿ ಪ್ರೋತ್ಸಾಹಿಸಬೇಕು ಎಂದು ಕೃಷಿ ವಿಶ್ವವಿದ್ಯಾಲಯದ ವಿಸ್ತರಣಾ ನಿರ್ದೇಶಕ ಡಾ. ಎಸ್.ಬಿ.ಗೌಡಪ್ಪ ಹೇಳಿದರು. ಕೃಷಿ ವಿಶ್ವವಿದ್ಯಾಲಯದಲ್ಲಿ ಆಯೋಜಿಸಿದ್ದ ಸೂರ್ಯಕಾಂತಿ ಬೆಳೆಯ ಸುಧಾರಿತ ಬೇಸಾಯ ಕ್ರಮಗಳ ಕುರಿತ ತರಬೇತಿದಾರರಿಗೆ ತರಬೇತಿ ಕಾರ್ಯಕ್ರಮ ಉದ್ಘಾಟಿಸಿ ಮಾತನಾಡಿದರು. ಸೂರ್ಯಕಾಂತಿ ಎಣ್ಣೆಕಾಳು ಬೆಳೆಗಳಲ್ಲಿ ಪ್ರಮುಖವಾಗಿದ್ದು, ದೇಶದಲ್ಲಿ ಖಾದ್ಯ ತೈಲದ ಬೇಡಿಕೆ ಹೆಚ್ಚುತ್ತಿದೆ. ರೈತರು ಆಧುನಿಕ ತಂತ್ರಜ್ಞಾನ ಅಳವಡಿಸಿಕೊಂಡು ಇಳುವರಿ ಹೆಚ್ಚಿಸಬೇಕು. ಸಮಗ್ರ ಕೀಟ ಹಾಗೂ ರೋಗ ನಿರ್ವಹಣೆ, ಸೂಕ್ತ ತಳಿಗಳ ಆಯ್ಕೆ, ನೀರಾವರಿ ನಿರ್ವಹಣೆ ಕುರಿತು ವಿಜ್ಞಾನಿಗಳು ಮಾಹಿತಿ ನೀಡಬೇಕು ಎಂದರು. 2025-26 ನೇ ಸಾಲಿನ ರಾಷ್ಟ್ರೀಯ ಖಾದ್ಯ ತೈಲ ಅಭಿಯಾನದಡಿ ಜಿಲ್ಲೆಯಲ್ಲಿ ಸೂರ್ಯಕಾಂತಿ ಬೆಳೆಯ ಪ್ರದೇಶ ವಿಸ್ತರಣೆಗೆ ಕ್ರಮ ಕೈಗೊಳ್ಳಲಾಗಿದೆ. ರೈತರಿಗೆ ಉತ್ತಮ ಗುಣಮಟ್ಟದ ಬೀಜ ವಿತರಿಸಲಾಗುತ್ತಿದೆ. ಕೃಷಿ ಇಲಾಖೆ ಹಾಗೂ ವಿಶ್ವವಿದ್ಯಾಲಯ ಜಂಟಿಯಾಗಿ ರೈತರಿಗೆ ಮಾರ್ಗದರ್ಶನ ನೀಡಲಿವೆ ಎಂದು ತಿಳಿಸಿದರು. ತರಬೇತಿಯಲ್ಲಿ ಜಿಲ್ಲೆಯ ಕೃಷಿ ಅಧಿಕಾರಿಗಳು, ಕೃಷಿ ವಿಜ್ಞಾನ ಕೇಂದ್ರದ ವಿಜ್ಞಾನಿಗಳು ಭಾಗವಹಿಸಿದ್ದರು.
ಮಾಹಿತಿ ನೀಡಿ ಜಿಲ್ಲೆಯ ಸೂರ್ಯಕಾಂತಿ ಉತ್ಪಾದನೆ ಹೆಚ್ಚಿಸಲು ರೈತರ ಜೊತೆ ಅಧಿಕಾರಿಗಳು ಮತ್ತು ವಿಜ್ಞಾನಿಗಳು ಕೈಜೋಡಿಸಬೇಕು ಎಂದು ಸಲಹೆ ನೀಡಿದರು. ಕೃಷಿ ಮಹಾವಿದ್ಯಾಲಯದ ಡೀನ್ ಡಾ. ತಿಮ್ಮಣ್ಣ ಮಾತನಾಡಿ, ಸೂರ್ಯಕಾಂತಿ ಬೆಳೆಯಲ್ಲಿ ಪರಾಗಸ್ಪರ್ಶ ಕ್ರಿಯೆಗೆ ಜೇನುನೊಣಗಳ ಪಾತ್ರ ಪ್ರಮುಖವಾಗಿದೆ. ರೈತರು ಜೇನು ಸಾಕಾಣಿಕೆ ಕೈಗೊಂಡರೆ ಹೆಚ್ಚಿನ ಆದಾಯ ಪಡೆಯಬಹುದು ಎಂದರು. ಕಾರ್ಯಕ್ರಮದಲ್ಲಿ ಕೃಷಿ ವಿಜ್ಞಾನಿಗಳು ಸೂರ್ಯಕಾಂತಿ ಬೆಳೆಯ ಬಿತ್ತನೆ, ರಸಗೊಬ್ಬರ ನಿರ್ವಹಣೆ, ಕಳೆ ನಿಯಂತ್ರಣ ಹಾಗೂ ಕೊಯ್ಲು ನಂತರದ ತಂತ್ರಜ್ಞಾನಗಳ ಕುರಿತು ಮಾಹಿತಿ ನೀಡಿದರು. ತರಬೇತಿ ಪಡೆದವರು ತಮ್ಮ ವ್ಯಾಪ್ತಿಯ ರೈತರಿಗೆ ಮಾಹಿತಿ ತಲುಪಿಸಬೇಕು ಎಂದು ಸೂಚಿಸಲಾಯಿತು. ಡಾ. ಉಮೇಶ, ಡಾ. ಅಯ್ಯನಗೌಡರ, ಡಾ. ಮಲ್ಲಿಕಾರ್ಜುನ ಸೇರಿದಂತೆ ವಿವಿಧ ವಿಭಾಗಗಳ ಮುಖ್ಯಸ್ಥರು, ಕೃಷಿ ಅಧಿಕಾರಿಗಳು ಉಪಸ್ಥಿತರಿದ್ದರು.
